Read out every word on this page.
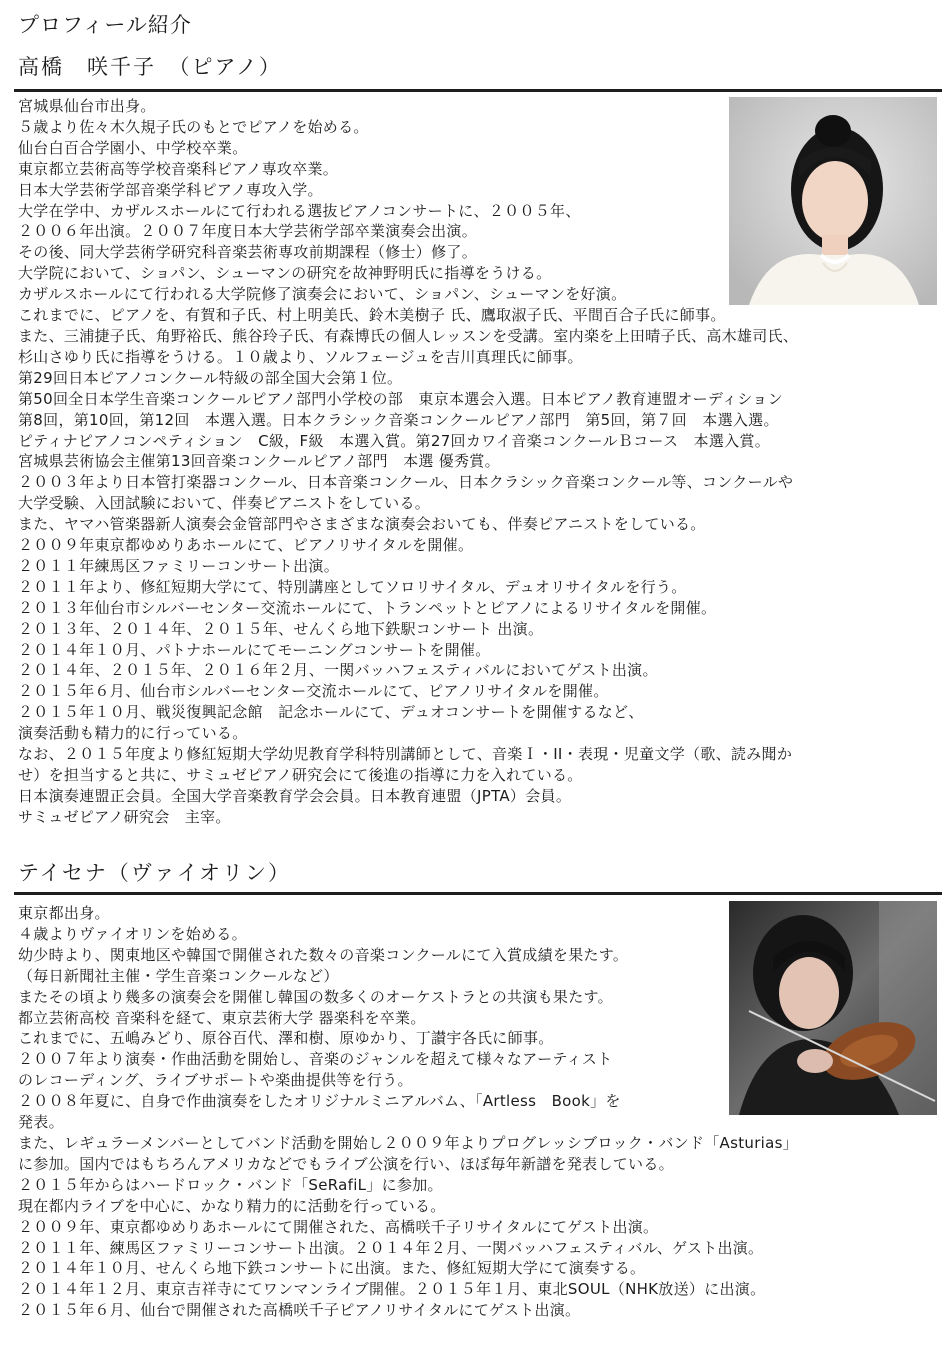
プロフィール紹介
高橋　咲千子　（ピアノ）
宮城県仙台市出身。
５歳より佐々木久規子氏のもとでピアノを始める。
仙台白百合学園小、中学校卒業。
東京都立芸術高等学校音楽科ピアノ専攻卒業。
日本大学芸術学部音楽学科ピアノ専攻入学。
大学在学中、カザルスホールにて行われる選抜ピアノコンサートに、２００５年、
２００６年出演。２００７年度日本大学芸術学部卒業演奏会出演。
その後、同大学芸術学研究科音楽芸術専攻前期課程（修士）修了。
大学院において、ショパン、シューマンの研究を故神野明氏に指導をうける。
カザルスホールにて行われる大学院修了演奏会において、ショパン、シューマンを好演。
これまでに、ピアノを、有賀和子氏、村上明美氏、鈴木美樹子 氏、鷹取淑子氏、平間百合子氏に師事。
また、三浦捷子氏、角野裕氏、熊谷玲子氏、有森博氏の個人レッスンを受講。室内楽を上田晴子氏、高木雄司氏、
杉山さゆり氏に指導をうける。１０歳より、ソルフェージュを吉川真理氏に師事。
第29回日本ピアノコンクール特級の部全国大会第１位。
第50回全日本学生音楽コンクールピアノ部門小学校の部　東京本選会入選。日本ピアノ教育連盟オーディション
第8回，第10回，第12回　本選入選。日本クラシック音楽コンクールピアノ部門　第5回，第７回　本選入選。
ピティナピアノコンペティション　C級，F級　本選入賞。第27回カワイ音楽コンクールＢコース　本選入賞。
宮城県芸術協会主催第13回音楽コンクールピアノ部門　本選 優秀賞。
２００３年より日本管打楽器コンクール、日本音楽コンクール、日本クラシック音楽コンクール等、コンクールや
大学受験、入団試験において、伴奏ピアニストをしている。
また、ヤマハ管楽器新人演奏会金管部門やさまざまな演奏会おいても、伴奏ピアニストをしている。
２００９年東京都ゆめりあホールにて、ピアノリサイタルを開催。
２０１１年練馬区ファミリーコンサート出演。
２０１１年より、修紅短期大学にて、特別講座としてソロリサイタル、デュオリサイタルを行う。
２０１３年仙台市シルバーセンター交流ホールにて、トランペットとピアノによるリサイタルを開催。
２０１３年、２０１４年、２０１５年、せんくら地下鉄駅コンサート 出演。
２０１４年１０月、パトナホールにてモーニングコンサートを開催。
２０１４年、２０１５年、２０１６年２月、一関バッハフェスティバルにおいてゲスト出演。
２０１５年６月、仙台市シルバーセンター交流ホールにて、ピアノリサイタルを開催。
２０１５年１０月、戦災復興記念館　記念ホールにて、デュオコンサートを開催するなど、
演奏活動も精力的に行っている。
なお、２０１５年度より修紅短期大学幼児教育学科特別講師として、音楽Ｉ・II・表現・児童文学（歌、読み聞か
せ）を担当すると共に、サミュゼピアノ研究会にて後進の指導に力を入れている。
日本演奏連盟正会員。全国大学音楽教育学会会員。日本教育連盟（JPTA）会員。
サミュゼピアノ研究会　主宰。
テイセナ（ヴァイオリン）
東京都出身。
４歳よりヴァイオリンを始める。
幼少時より、関東地区や韓国で開催された数々の音楽コンクールにて入賞成績を果たす。
（毎日新聞社主催・学生音楽コンクールなど）
またその頃より幾多の演奏会を開催し韓国の数多くのオーケストラとの共演も果たす。
都立芸術高校 音楽科を経て、東京芸術大学 器楽科を卒業。
これまでに、五嶋みどり、原谷百代、澤和樹、原ゆかり、丁讃宇各氏に師事。
２００７年より演奏・作曲活動を開始し、音楽のジャンルを超えて様々なアーティスト
のレコーディング、ライブサポートや楽曲提供等を行う。
２００８年夏に、自身で作曲演奏をしたオリジナルミニアルバム、「Artless　Book」を
発表。
また、レギュラーメンバーとしてバンド活動を開始し２００９年よりプログレッシブロック・バンド「Asturias」
に参加。国内ではもちろんアメリカなどでもライブ公演を行い、ほぼ毎年新譜を発表している。
２０１５年からはハードロック・バンド「SeRafiL」に参加。
現在都内ライブを中心に、かなり精力的に活動を行っている。
２００９年、東京都ゆめりあホールにて開催された、高橋咲千子リサイタルにてゲスト出演。
２０１１年、練馬区ファミリーコンサート出演。２０１４年２月、一関バッハフェスティバル、ゲスト出演。
２０１４年１０月、せんくら地下鉄コンサートに出演。また、修紅短期大学にて演奏する。
２０１４年１２月、東京吉祥寺にてワンマンライブ開催。２０１５年１月、東北SOUL（NHK放送）に出演。
２０１５年６月、仙台で開催された高橋咲千子ピアノリサイタルにてゲスト出演。
